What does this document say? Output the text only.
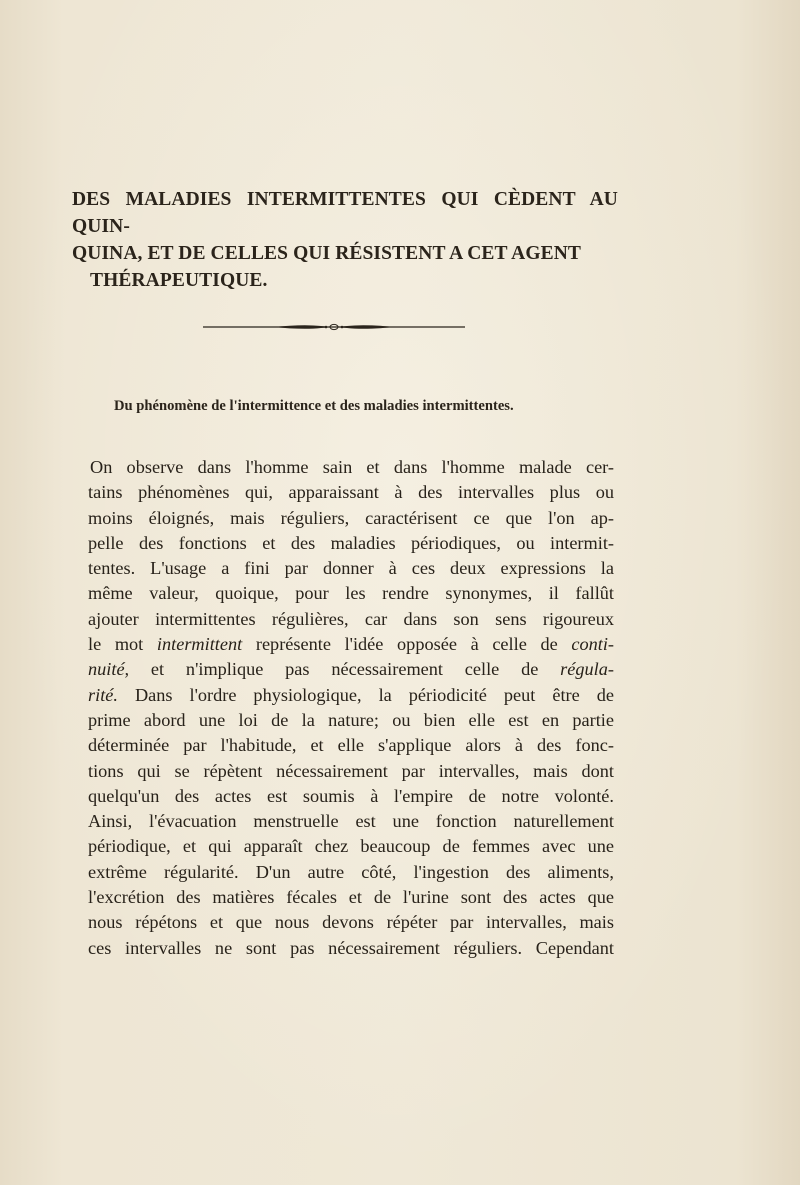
DES MALADIES INTERMITTENTES QUI CÈDENT AU QUIN-
QUINA, ET DE CELLES QUI RÉSISTENT A CET AGENT
THÉRAPEUTIQUE.
Du phénomène de l'intermittence et des maladies intermittentes.
On observe dans l'homme sain et dans l'homme malade cer-
tains phénomènes qui, apparaissant à des intervalles plus ou
moins éloignés, mais réguliers, caractérisent ce que l'on ap-
pelle des fonctions et des maladies périodiques, ou intermit-
tentes. L'usage a fini par donner à ces deux expressions la
même valeur, quoique, pour les rendre synonymes, il fallût
ajouter intermittentes régulières, car dans son sens rigoureux
le mot intermittent représente l'idée opposée à celle de conti-
nuité, et n'implique pas nécessairement celle de régula-
rité. Dans l'ordre physiologique, la périodicité peut être de
prime abord une loi de la nature; ou bien elle est en partie
déterminée par l'habitude, et elle s'applique alors à des fonc-
tions qui se répètent nécessairement par intervalles, mais dont
quelqu'un des actes est soumis à l'empire de notre volonté.
Ainsi, l'évacuation menstruelle est une fonction naturellement
périodique, et qui apparaît chez beaucoup de femmes avec une
extrême régularité. D'un autre côté, l'ingestion des aliments,
l'excrétion des matières fécales et de l'urine sont des actes que
nous répétons et que nous devons répéter par intervalles, mais
ces intervalles ne sont pas nécessairement réguliers. Cependant
